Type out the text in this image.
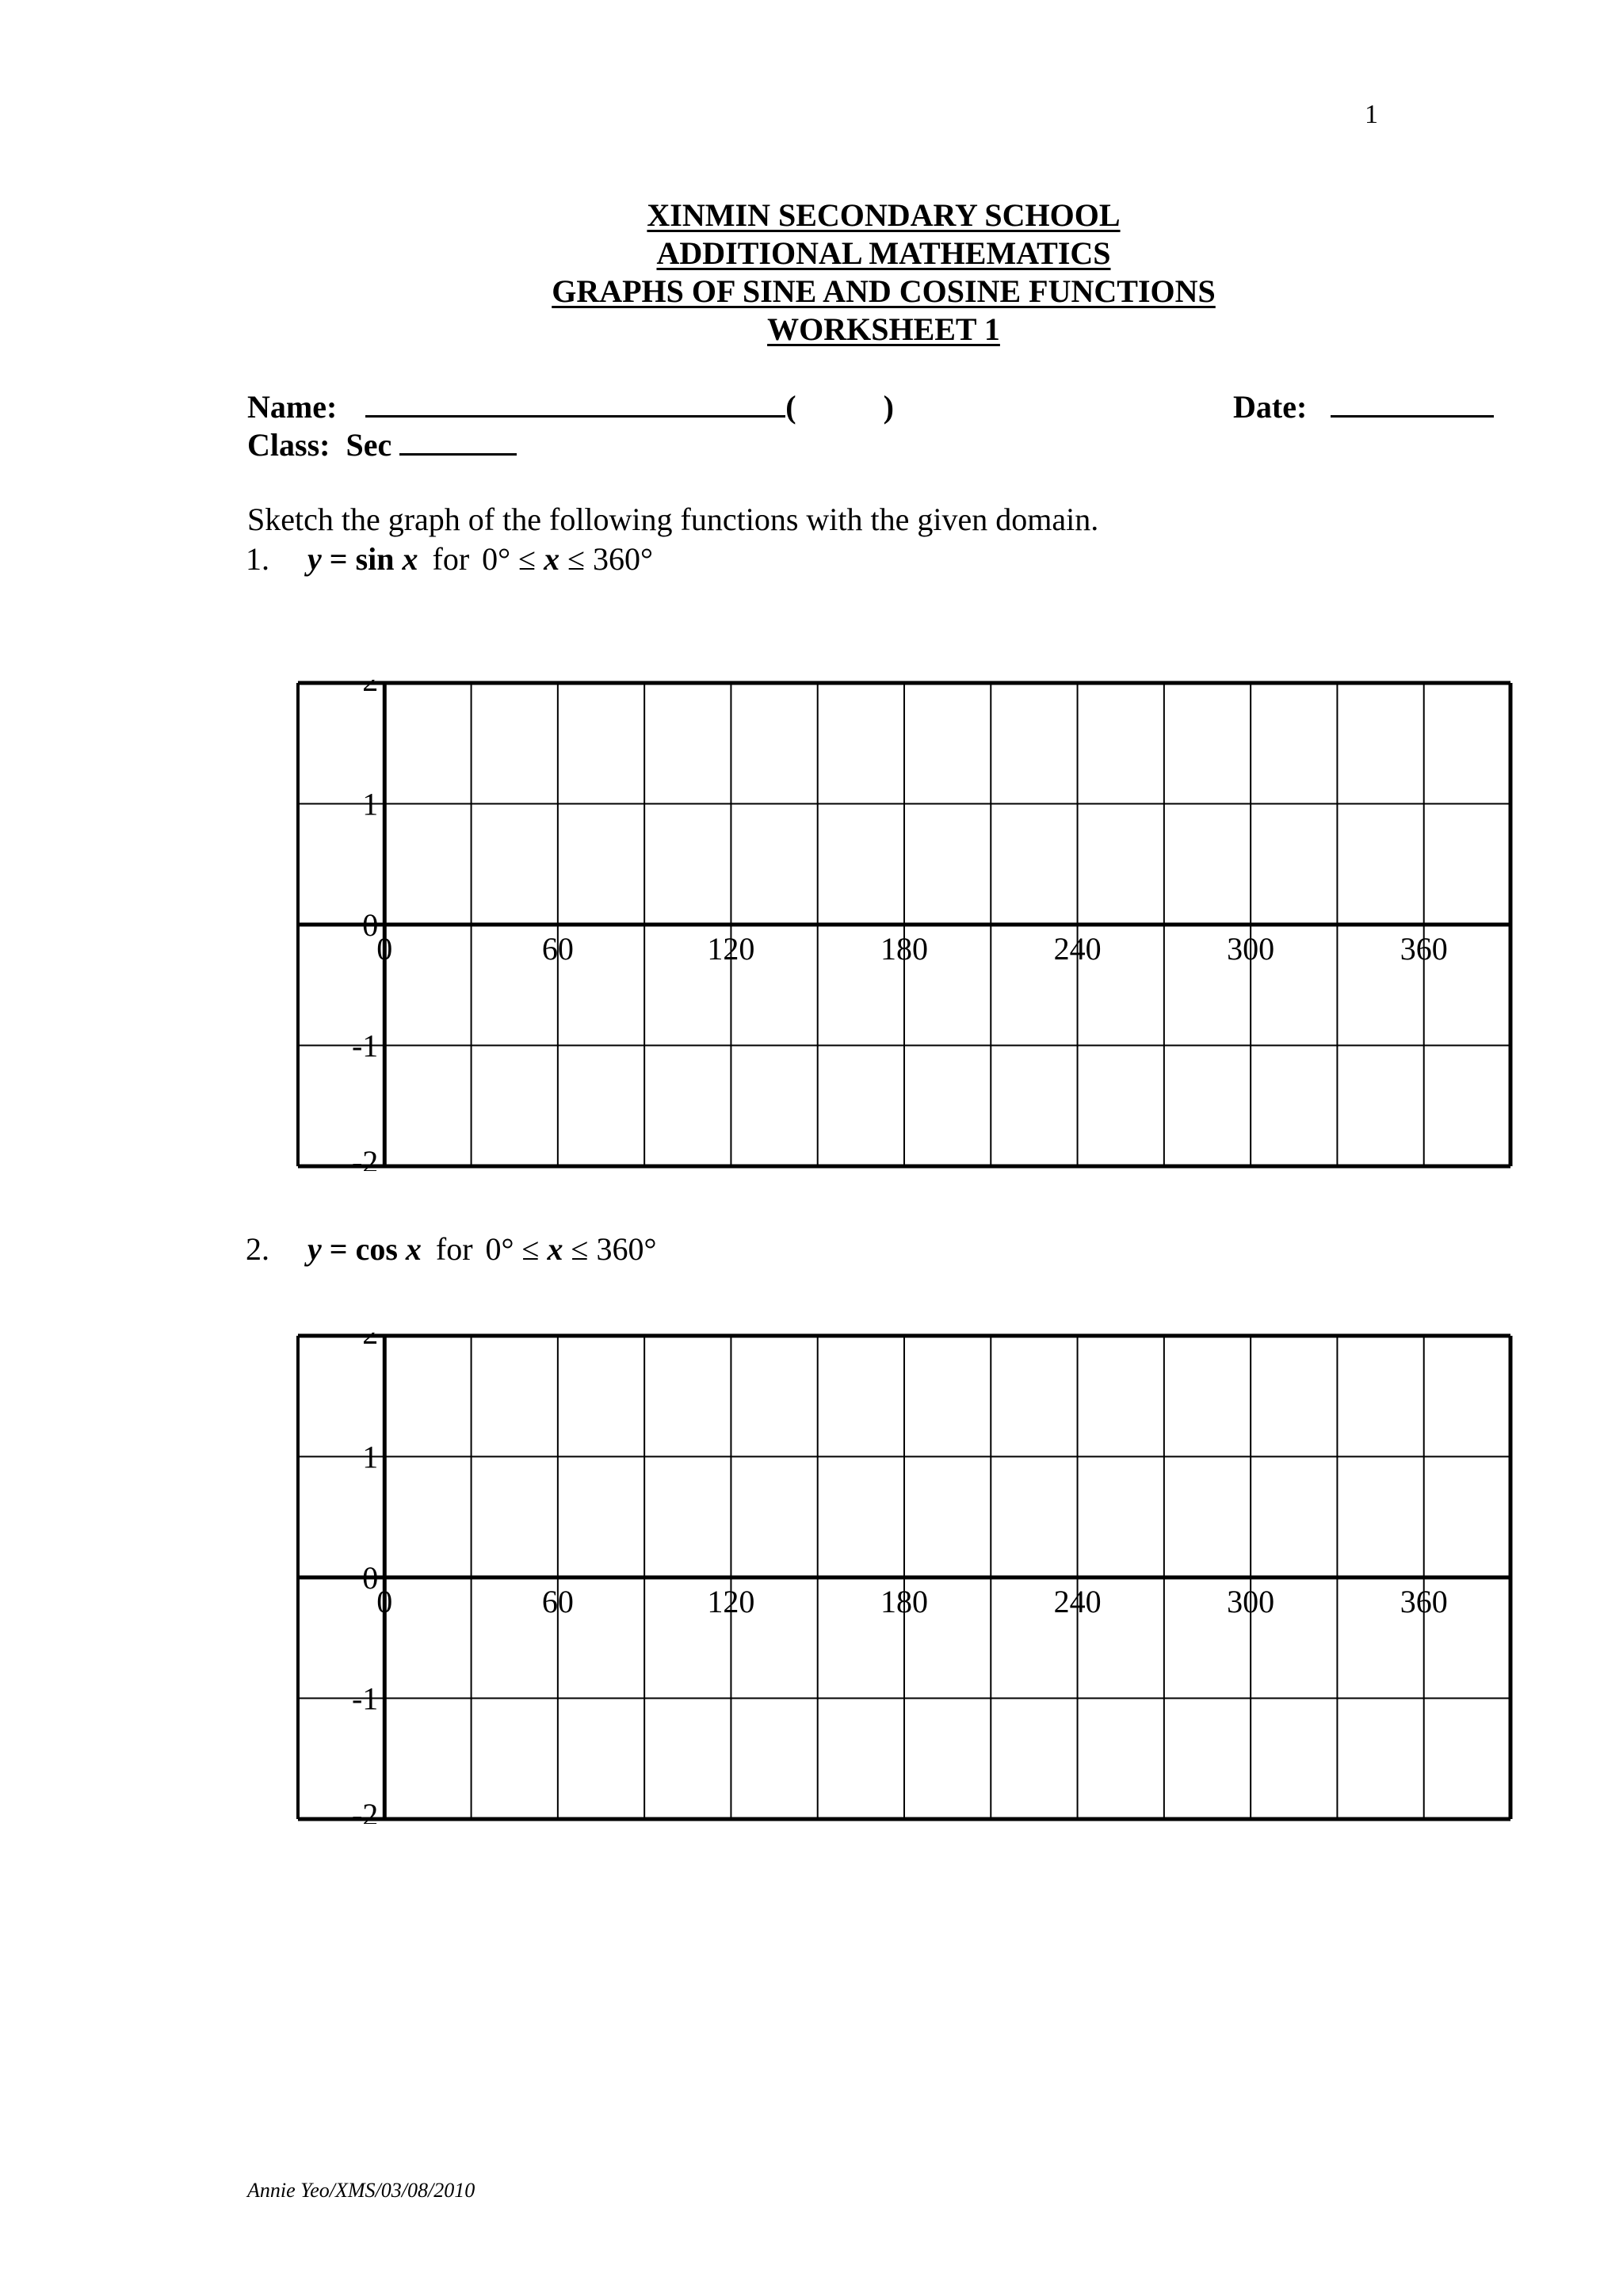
1
XINMIN SECONDARY SCHOOL
ADDITIONAL MATHEMATICS
GRAPHS OF SINE AND COSINE FUNCTIONS
WORKSHEET 1
Name:	(	)	Date:
Class: Sec
Sketch the graph of the following functions with the given domain.
1. y = sin x for 0° ≤ x ≤ 360°
0	60	120	180	240	300	360
2
1
0
-1
-2
2. y = cos x for 0° ≤ x ≤ 360°
0	60	120	180	240	300	360
2
1
0
-1
-2
Annie Yeo/XMS/03/08/2010
